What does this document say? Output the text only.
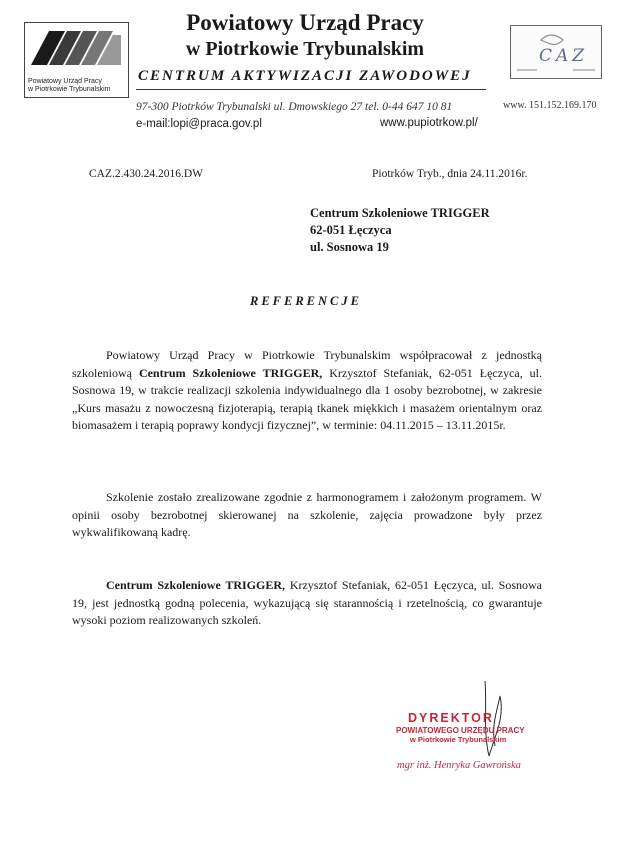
Powiatowy Urząd Pracy
w Piotrkowie Trybunalskim
Powiatowy Urząd Pracy
w Piotrkowie Trybunalskim
CENTRUM AKTYWIZACJI ZAWODOWEJ
97-300 Piotrków Trybunalski ul. Dmowskiego 27 tel. 0-44 647 10 81	www. 151.152.169.170
e-mail:lopi@praca.gov.pl	www.pupiotrkow.pl/
CAZ
CAZ.2.430.24.2016.DW	Piotrków Tryb., dnia 24.11.2016r.
Centrum Szkoleniowe TRIGGER
62-051 Łęczyca
ul. Sosnowa 19
REFERENCJE

Powiatowy Urząd Pracy w Piotrkowie Trybunalskim współpracował z jednostką szkoleniową Centrum Szkoleniowe TRIGGER, Krzysztof Stefaniak, 62-051 Łęczyca, ul. Sosnowa 19, w trakcie realizacji szkolenia indywidualnego dla 1 osoby bezrobotnej, w zakresie „Kurs masażu z nowoczesną fizjoterapią, terapią tkanek miękkich i masażem orientalnym oraz biomasażem i terapią poprawy kondycji fizycznej”, w terminie: 04.11.2015 – 13.11.2015r.

Szkolenie zostało zrealizowane zgodnie z harmonogramem i założonym programem. W opinii osoby bezrobotnej skierowanej na szkolenie, zajęcia prowadzone były przez wykwalifikowaną kadrę.

Centrum Szkoleniowe TRIGGER, Krzysztof Stefaniak, 62-051 Łęczyca, ul. Sosnowa 19, jest jednostką godną polecenia, wykazującą się starannością i rzetelnością, co gwarantuje wysoki poziom realizowanych szkoleń.

DYREKTOR
POWIATOWEGO URZĘDU PRACY
w Piotrkowie Trybunalskim
mgr inż. Henryka Gawrońska
